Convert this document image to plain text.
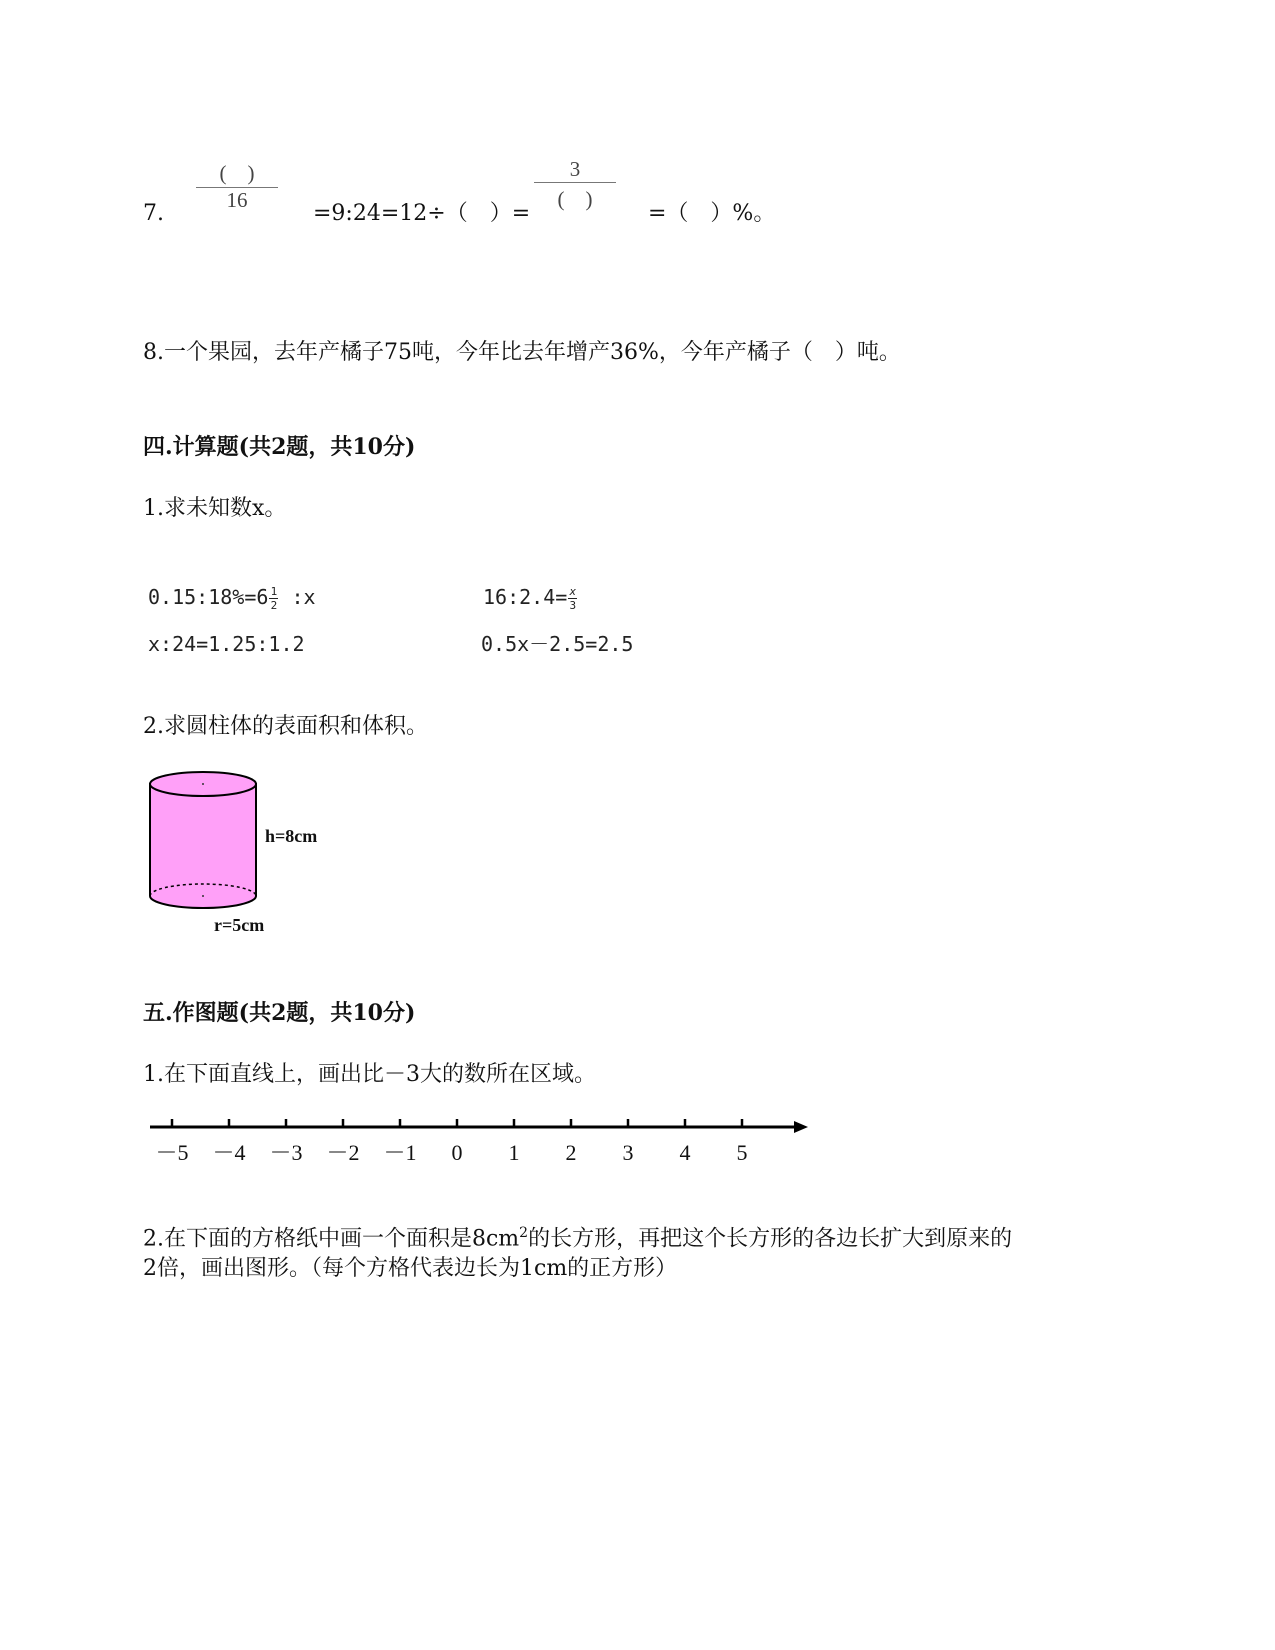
7.
(　)
16
=9:24=12÷（　）=
3
(　)
=（　）%。
8.一个果园，去年产橘子75吨，今年比去年增产36%，今年产橘子（　）吨。
四.计算题(共2题，共10分)
1.求未知数x。
0.15:18%=6 $\frac{1}{2}$ :x	16:2.4= $\frac{x}{3}$
x:24=1.25:1.2	0.5x－2.5=2.5
2.求圆柱体的表面积和体积。
h=8cm
r=5cm
五.作图题(共2题，共10分)
1.在下面直线上，画出比－3大的数所在区域。
－5 －4 －3 －2 －1 0 1 2 3 4 5
2.在下面的方格纸中画一个面积是$8cm^2$的长方形，再把这个长方形的各边长扩大到原来的
2倍，画出图形。（每个方格代表边长为1cm的正方形）
